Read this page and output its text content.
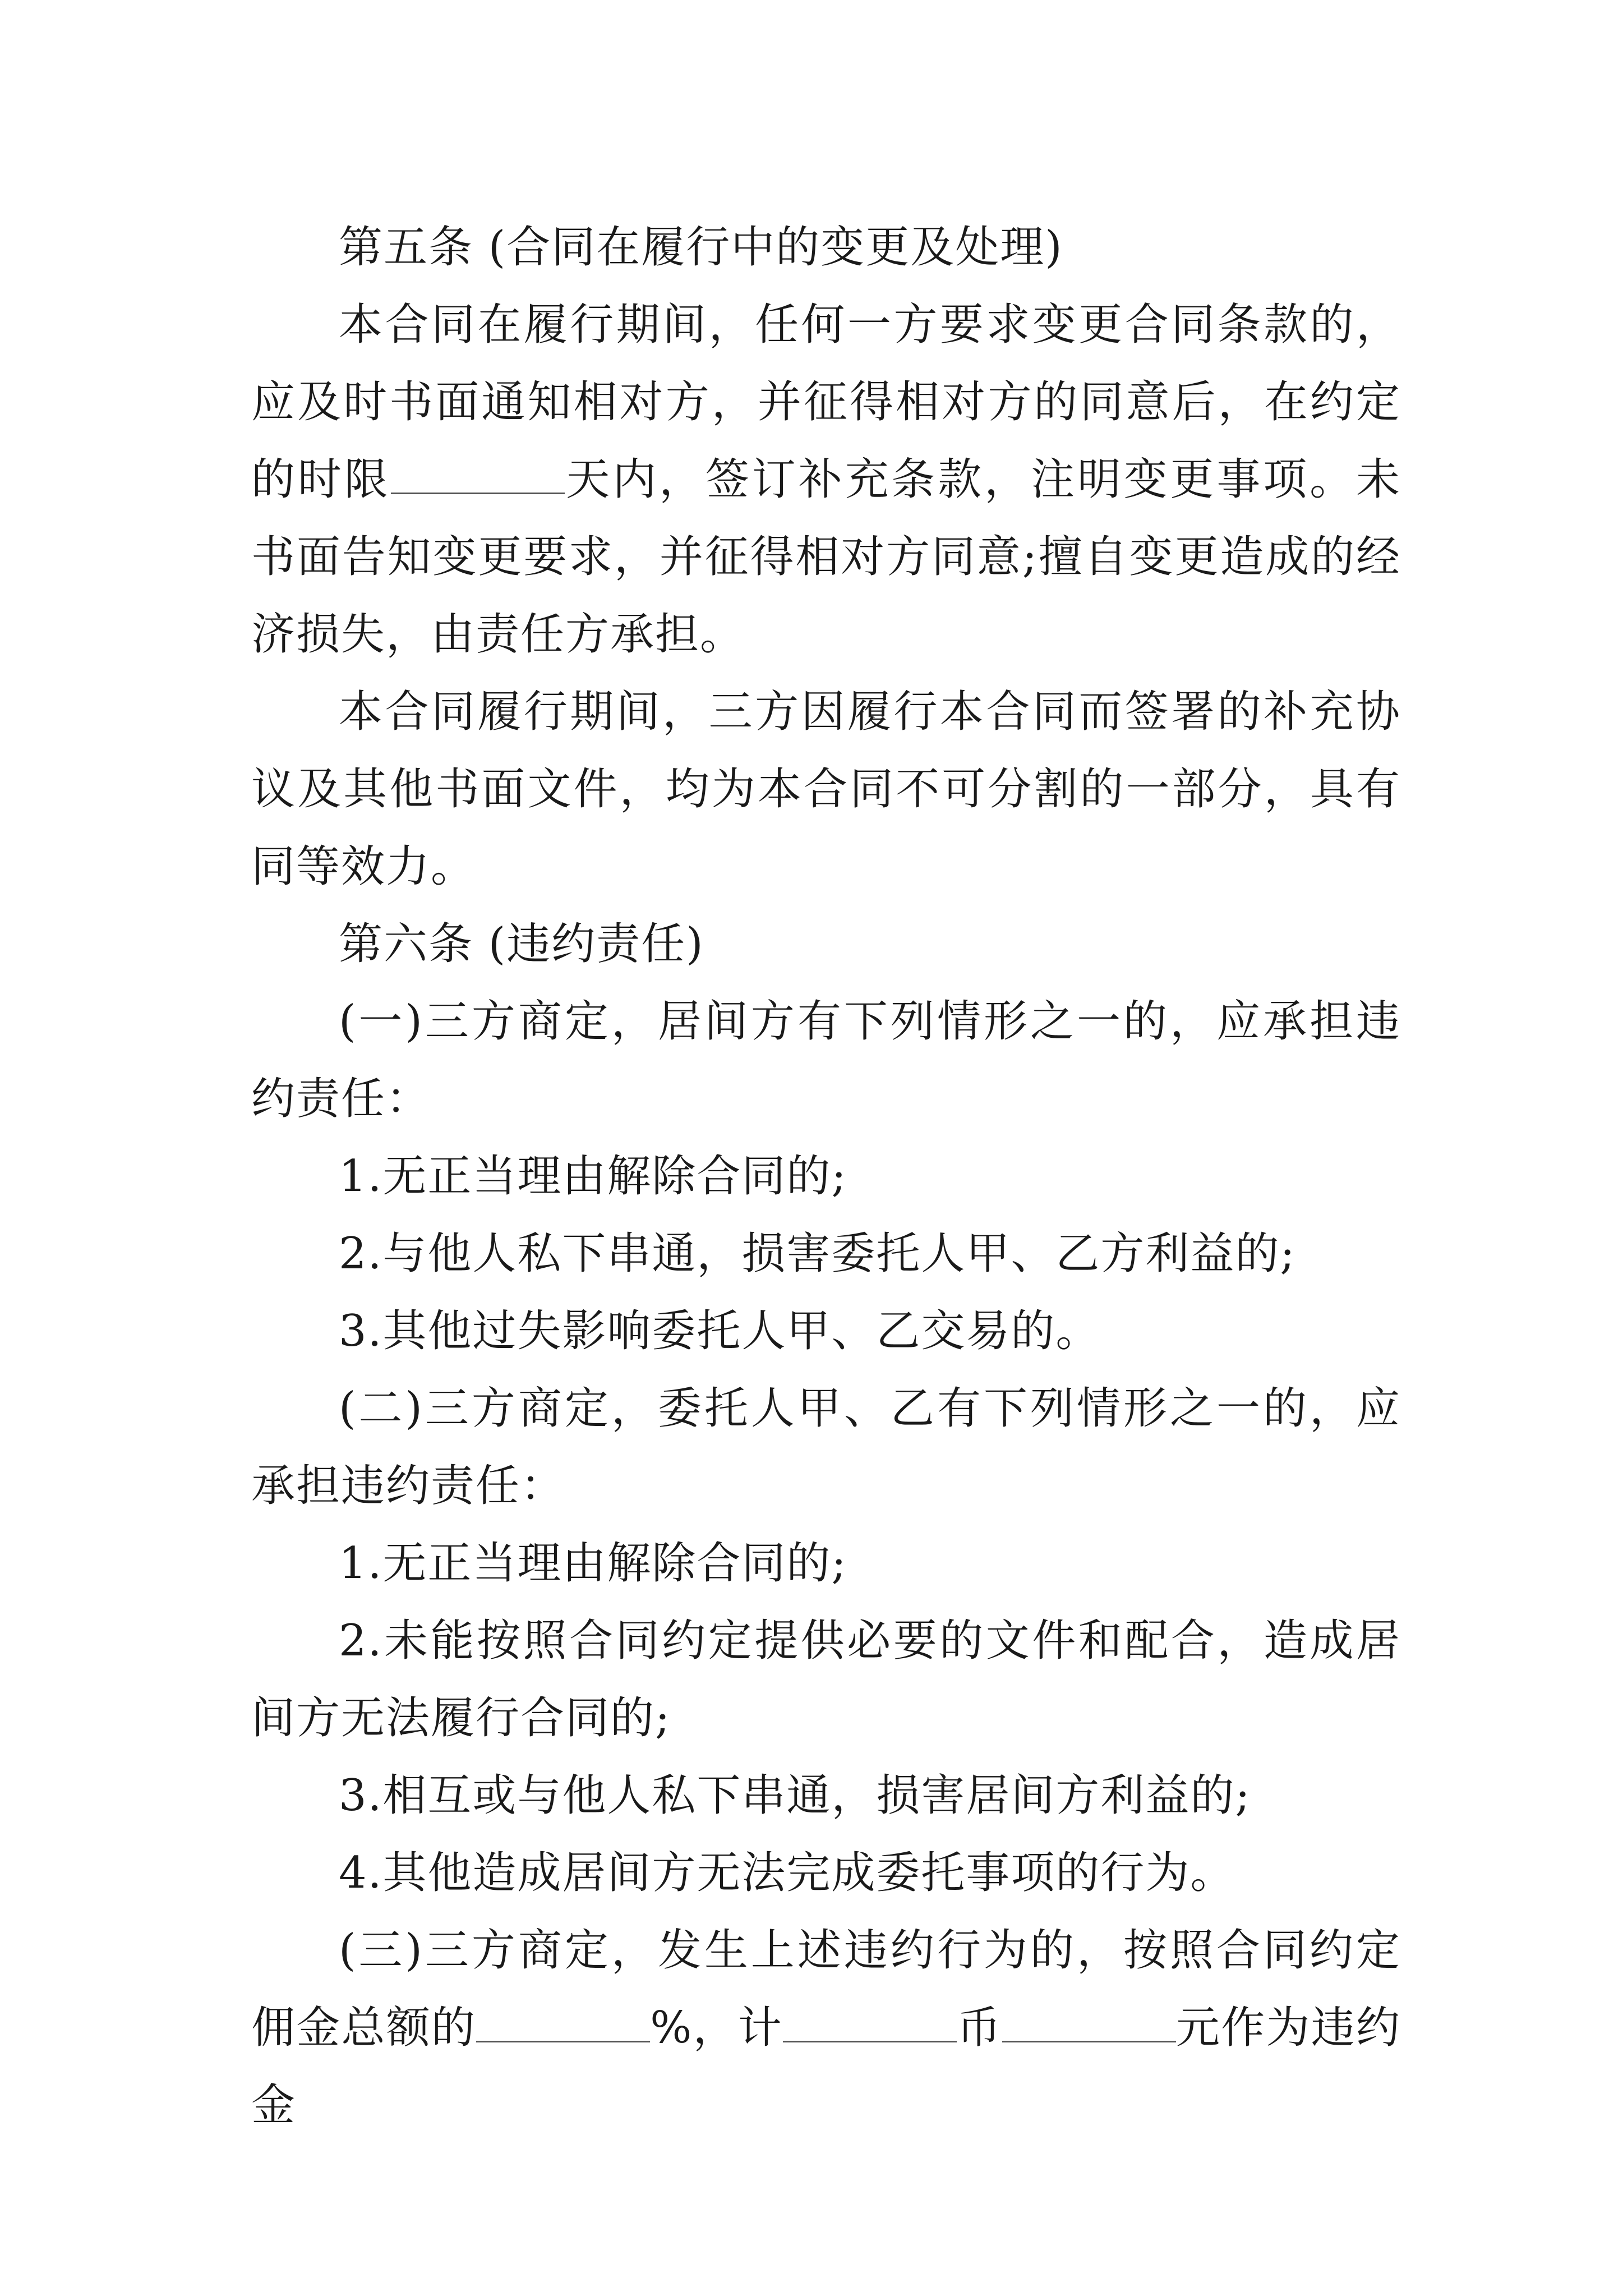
第五条 (合同在履行中的变更及处理)

本合同在履行期间，任何一方要求变更合同条款的，应及时书面通知相对方，并征得相对方的同意后，在约定的时限	天内，签订补充条款，注明变更事项。未书面告知变更要求，并征得相对方同意;擅自变更造成的经济损失，由责任方承担。

本合同履行期间，三方因履行本合同而签署的补充协议及其他书面文件，均为本合同不可分割的一部分，具有同等效力。

第六条 (违约责任)

(一)三方商定，居间方有下列情形之一的，应承担违约责任：

1.无正当理由解除合同的;

2.与他人私下串通，损害委托人甲、乙方利益的;

3.其他过失影响委托人甲、乙交易的。

(二)三方商定，委托人甲、乙有下列情形之一的，应承担违约责任：

1.无正当理由解除合同的;

2.未能按照合同约定提供必要的文件和配合，造成居间方无法履行合同的;

3.相互或与他人私下串通，损害居间方利益的;

4.其他造成居间方无法完成委托事项的行为。

(三)三方商定，发生上述违约行为的，按照合同约定佣金总额的	%，计	币	元作为违约金
